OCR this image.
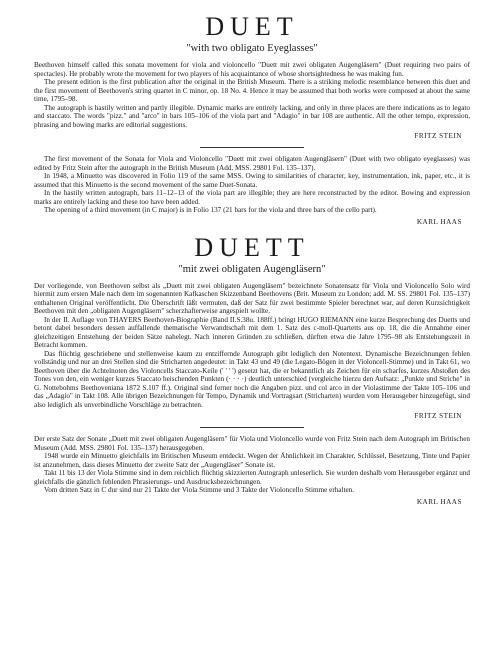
DUET
"with two obligato Eyeglasses"

Beethoven himself called this sonata movement for viola and violoncello "Duett mit zwei obligaten Augengläsern" (Duet requiring two pairs of spectacles). He probably wrote the movement for two players of his acquaintance of whose shortsightedness he was making fun.

The present edition is the first publication after the original in the British Museum. There is a striking melodic resemblance between this duet and the first movement of Beethoven's string quartet in C minor, op. 18 No. 4. Hence it may be assumed that both works were composed at about the same time, 1795–98.

The autograph is hastily written and partly illegible. Dynamic marks are entirely lacking, and only in three places are there indications as to legato and staccato. The words "pizz." and "arco" in bars 105–106 of the viola part and "Adagio" in bar 108 are authentic. All the other tempo, expression, phrasing and bowing marks are editorial suggestions.

FRITZ STEIN

The first movement of the Sonata for Viola and Violoncello "Duett mit zwei obligaten Augengläsern" (Duet with two obligato eyeglasses) was edited by Fritz Stein after the autograph in the British Museum (Add. MSS. 29801 Fol. 135–137).

In 1948, a Minuetto was discovered in Folio 119 of the same MSS. Owing to similarities of character, key, instrumentation, ink, paper, etc., it is assumed that this Minuetto is the second movement of the same Duet-Sonata.

In the hastily written autograph, bars 11–12–13 of the viola part are illegible; they are here reconstructed by the editor. Bowing and expression marks are entirely lacking and these too have been added.

The opening of a third movement (in C major) is in Folio 137 (21 bars for the viola and three bars of the cello part).

KARL HAAS
DUETT
"mit zwei obligaten Augengläsern"

Der vorliegende, von Beethoven selbst als „Duett mit zwei obligaten Augengläsern" bezeichnete Sonatensatz für Viola und Violoncello Solo wird hiermit zum ersten Male nach dem im sogenannten Kafkaschen Skizzenband Beethovens (Brit. Museum zu London; add. M. SS. 29801 Fol. 135–137) enthaltenen Original veröffentlicht. Die Überschrift läßt vermuten, daß der Satz für zwei bestimmte Spieler berechnet war, auf deren Kurzsichtigkeit Beethoven mit den „obligaten Augengläsern" scherzhafterweise angespielt wollte.

In der II. Auflage von THAYERS Beethoven-Biographie (Band II.S.38u. 188ff.) bringt HUGO RIEMANN eine kurze Besprechung des Duetts und betont dabei besonders dessen auffallende thematische Verwandtschaft mit dem 1. Satz des c-moll-Quartetts aus op. 18, die die Annahme einer gleichzeitigen Entstehung der beiden Sätze nahelegt. Nach inneren Gründen zu schließen, dürften etwa die Jahre 1795–98 als Entstehungszeit in Betracht kommen.

Das flüchtig geschriebene und stellenweise kaum zu entziffernde Autograph gibt lediglich den Notentext. Dynamische Bezeichnungen fehlen vollständig und nur an drei Stellen sind die Stricharten angedeutet: in Takt 43 und 49 (die Legato-Bögen in der Violoncell-Stimme) und in Takt 61, wo Beethoven über die Achtelnoten des Violoncells Staccato-Keile (' ' ' ') gesetzt hat, die er bekanntlich als Zeichen für ein scharfes, kurzes Abstoßen des Tones von den, ein weniger kurzes Staccato heischenden Punkten (· · · ·) deutlich unterschied (vergleiche hierzu den Aufsatz: „Punkte und Striche" in G. Nottebohms Beethoveniana 1872 S.107 ff.). Original sind ferner noch die Angaben pizz. und col arco in der Violastimme der Takte 105–106 und das „Adagio" in Takt 108. Alle übrigen Bezeichnungen für Tempo, Dynamik und Vortragsart (Stricharten) wurden vom Herausgeber hinzugefügt, sind also lediglich als unverbindliche Vorschläge zu betrachten.

FRITZ STEIN

Der erste Satz der Sonate „Duett mit zwei obligaten Augengläsern" für Viola und Violoncello wurde von Fritz Stein nach dem Autograph im Britischen Museum (Add. MSS. 29801 Fol. 135–137) herausgegeben.

1948 wurde ein Minuetto gleichfalls im Britischen Museum entdeckt. Wegen der Ähnlichkeit im Charakter, Schlüssel, Besetzung, Tinte und Papier ist anzunehmen, dass dieses Minuetto der zweite Satz der „Augengläser" Sonate ist.

Takt 11 bis 13 der Viola Stimme sind in dem reichlich flüchtig skizzierten Autograph unleserlich. Sie wurden deshalb vom Herausgeber ergänzt und gleichfalls die gänzlich fehlenden Phrasierungs- und Ausdrucksbezeichnungen.

Vom dritten Satz in C dur sind nur 21 Takte der Viola Stimme und 3 Takte der Violoncello Stimme erhalten.

KARL HAAS
